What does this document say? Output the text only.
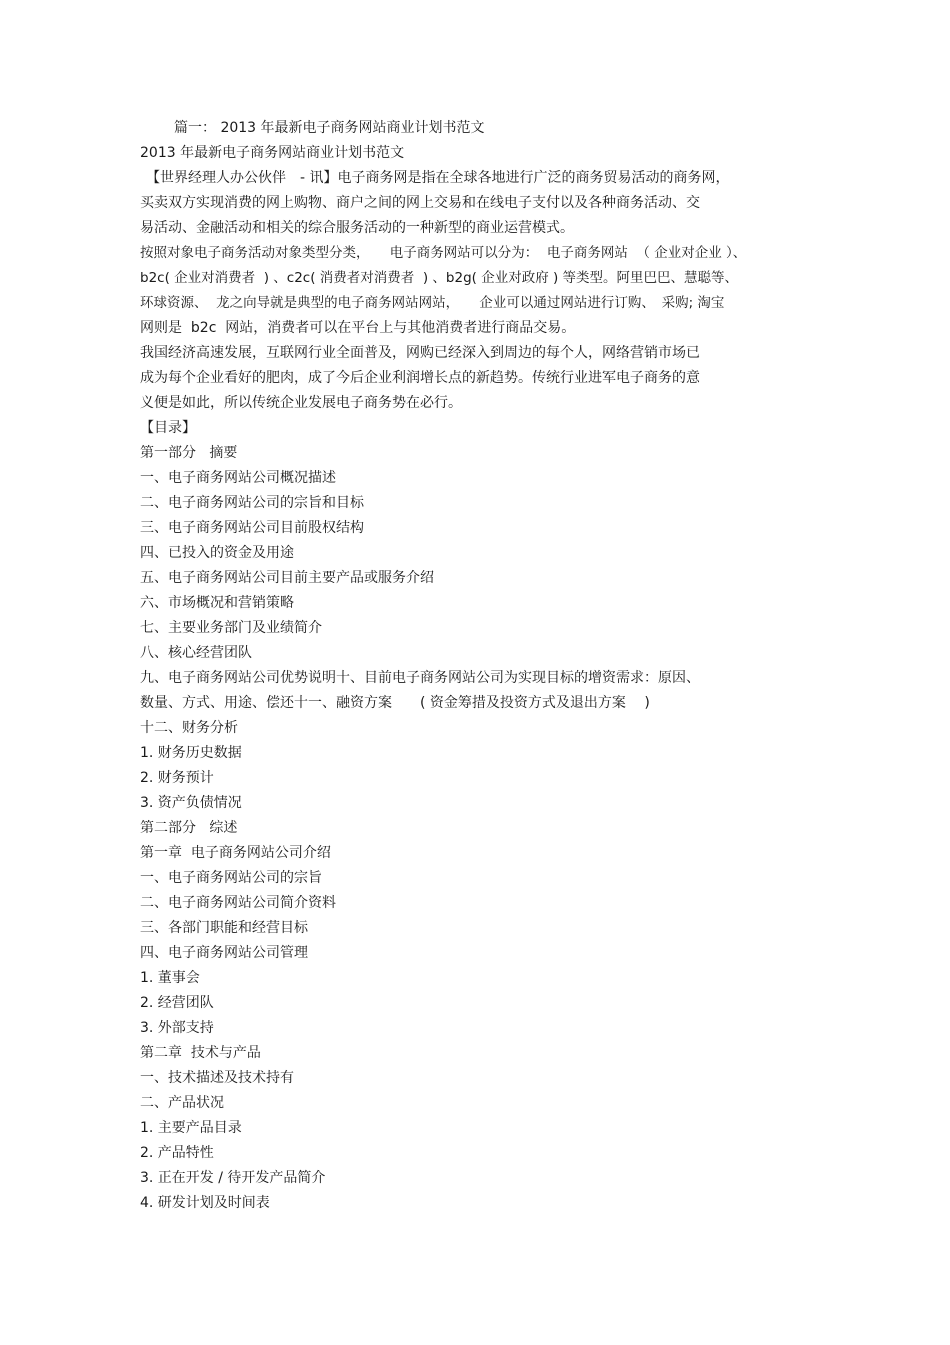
篇一： 2013 年最新电子商务网站商业计划书范文
2013 年最新电子商务网站商业计划书范文
【世界经理人办公伙伴　- 讯】电子商务网是指在全球各地进行广泛的商务贸易活动的商务网，
买卖双方实现消费的网上购物、商户之间的网上交易和在线电子支付以及各种商务活动、交
易活动、金融活动和相关的综合服务活动的一种新型的商业运营模式。
按照对象电子商务活动对象类型分类，　　电子商务网站可以分为：  电子商务网站  （ 企业对企业 ）、
b2c( 企业对消费者  ) 、c2c( 消费者对消费者  ) 、b2g( 企业对政府 ) 等类型。阿里巴巴、慧聪等、
环球资源、  龙之向导就是典型的电子商务网站网站，　　企业可以通过网站进行订购、　采购; 淘宝
网则是  b2c  网站，消费者可以在平台上与其他消费者进行商品交易。
我国经济高速发展，互联网行业全面普及，网购已经深入到周边的每个人，网络营销市场已
成为每个企业看好的肥肉，成了今后企业利润增长点的新趋势。传统行业进军电子商务的意
义便是如此，所以传统企业发展电子商务势在必行。
【目录】
第一部分   摘要
一、电子商务网站公司概况描述
二、电子商务网站公司的宗旨和目标
三、电子商务网站公司目前股权结构
四、已投入的资金及用途
五、电子商务网站公司目前主要产品或服务介绍
六、市场概况和营销策略
七、主要业务部门及业绩简介
八、核心经营团队
九、电子商务网站公司优势说明十、目前电子商务网站公司为实现目标的增资需求：原因、
数量、方式、用途、偿还十一、融资方案　　( 资金筹措及投资方式及退出方案　 )
十二、财务分析
1. 财务历史数据
2. 财务预计
3. 资产负债情况
第二部分   综述
第一章  电子商务网站公司介绍
一、电子商务网站公司的宗旨
二、电子商务网站公司简介资料
三、各部门职能和经营目标
四、电子商务网站公司管理
1. 董事会
2. 经营团队
3. 外部支持
第二章  技术与产品
一、技术描述及技术持有
二、产品状况
1. 主要产品目录
2. 产品特性
3. 正在开发 / 待开发产品简介
4. 研发计划及时间表
